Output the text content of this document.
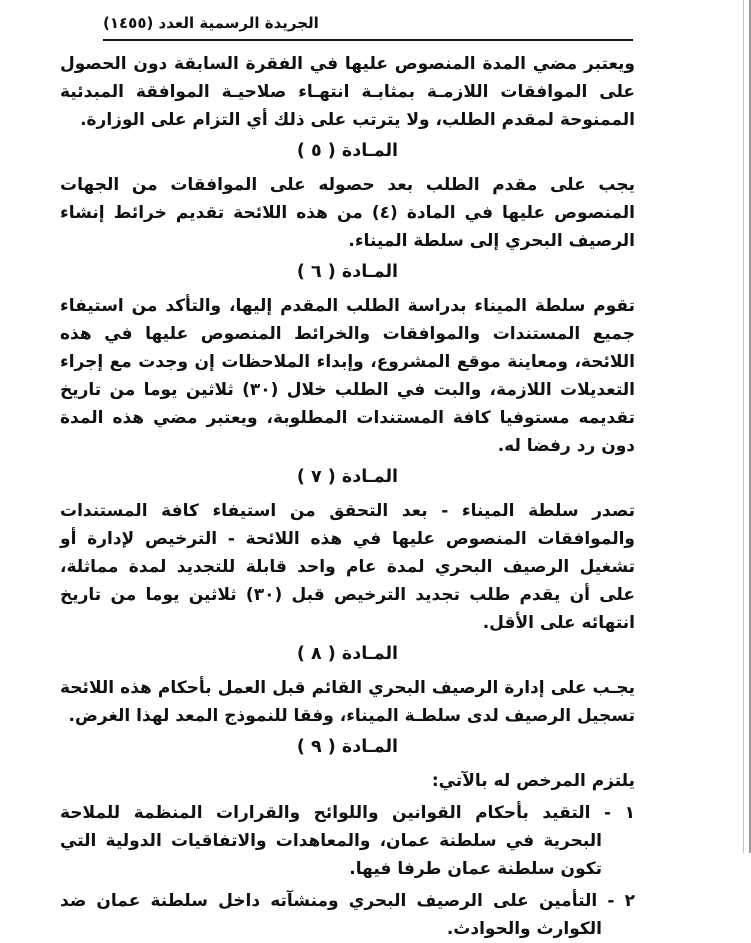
الجريدة الرسمية العدد (١٤٥٥)

ويعتبر مضي المدة المنصوص عليها في الفقرة السابقة دون الحصول على الموافقات اللازمـة بمثابـة انتهـاء صلاحيـة الموافقة المبدئية الممنوحة لمقدم الطلب، ولا يترتب على ذلك أي التزام على الوزارة.

المـادة ( ٥ )

يجب على مقدم الطلب بعد حصوله على الموافقات من الجهات المنصوص عليها في المادة (٤) من هذه اللائحة تقديم خرائط إنشاء الرصيف البحري إلى سلطة الميناء.

المـادة ( ٦ )

تقوم سلطة الميناء بدراسة الطلب المقدم إليها، والتأكد من استيفاء جميع المستندات والموافقات والخرائط المنصوص عليها في هذه اللائحة، ومعاينة موقع المشروع، وإبداء الملاحظات إن وجدت مع إجراء التعديلات اللازمة، والبت في الطلب خلال (٣٠) ثلاثين يوما من تاريخ تقديمه مستوفيا كافة المستندات المطلوبة، ويعتبر مضي هذه المدة دون رد رفضا له.

المـادة ( ٧ )

تصدر سلطة الميناء - بعد التحقق من استيفاء كافة المستندات والموافقات المنصوص عليها في هذه اللائحة - الترخيص لإدارة أو تشغيل الرصيف البحري لمدة عام واحد قابلة للتجديد لمدة مماثلة، على أن يقدم طلب تجديد الترخيص قبل (٣٠) ثلاثين يوما من تاريخ انتهائه على الأقل.

المـادة ( ٨ )

يجـب على إدارة الرصيف البحري القائم قبل العمل بأحكام هذه اللائحة تسجيل الرصيف لدى سلطـة الميناء، وفقا للنموذج المعد لهذا الغرض.

المـادة ( ٩ )

يلتزم المرخص له بالآتي:

١ - التقيد بأحكام القوانين واللوائح والقرارات المنظمة للملاحة البحرية في سلطنة عمان، والمعاهدات والاتفاقيات الدولية التي تكون سلطنة عمان طرفا فيها.

٢ - التأمين على الرصيف البحري ومنشآته داخل سلطنة عمان ضد الكوارث والحوادث.
